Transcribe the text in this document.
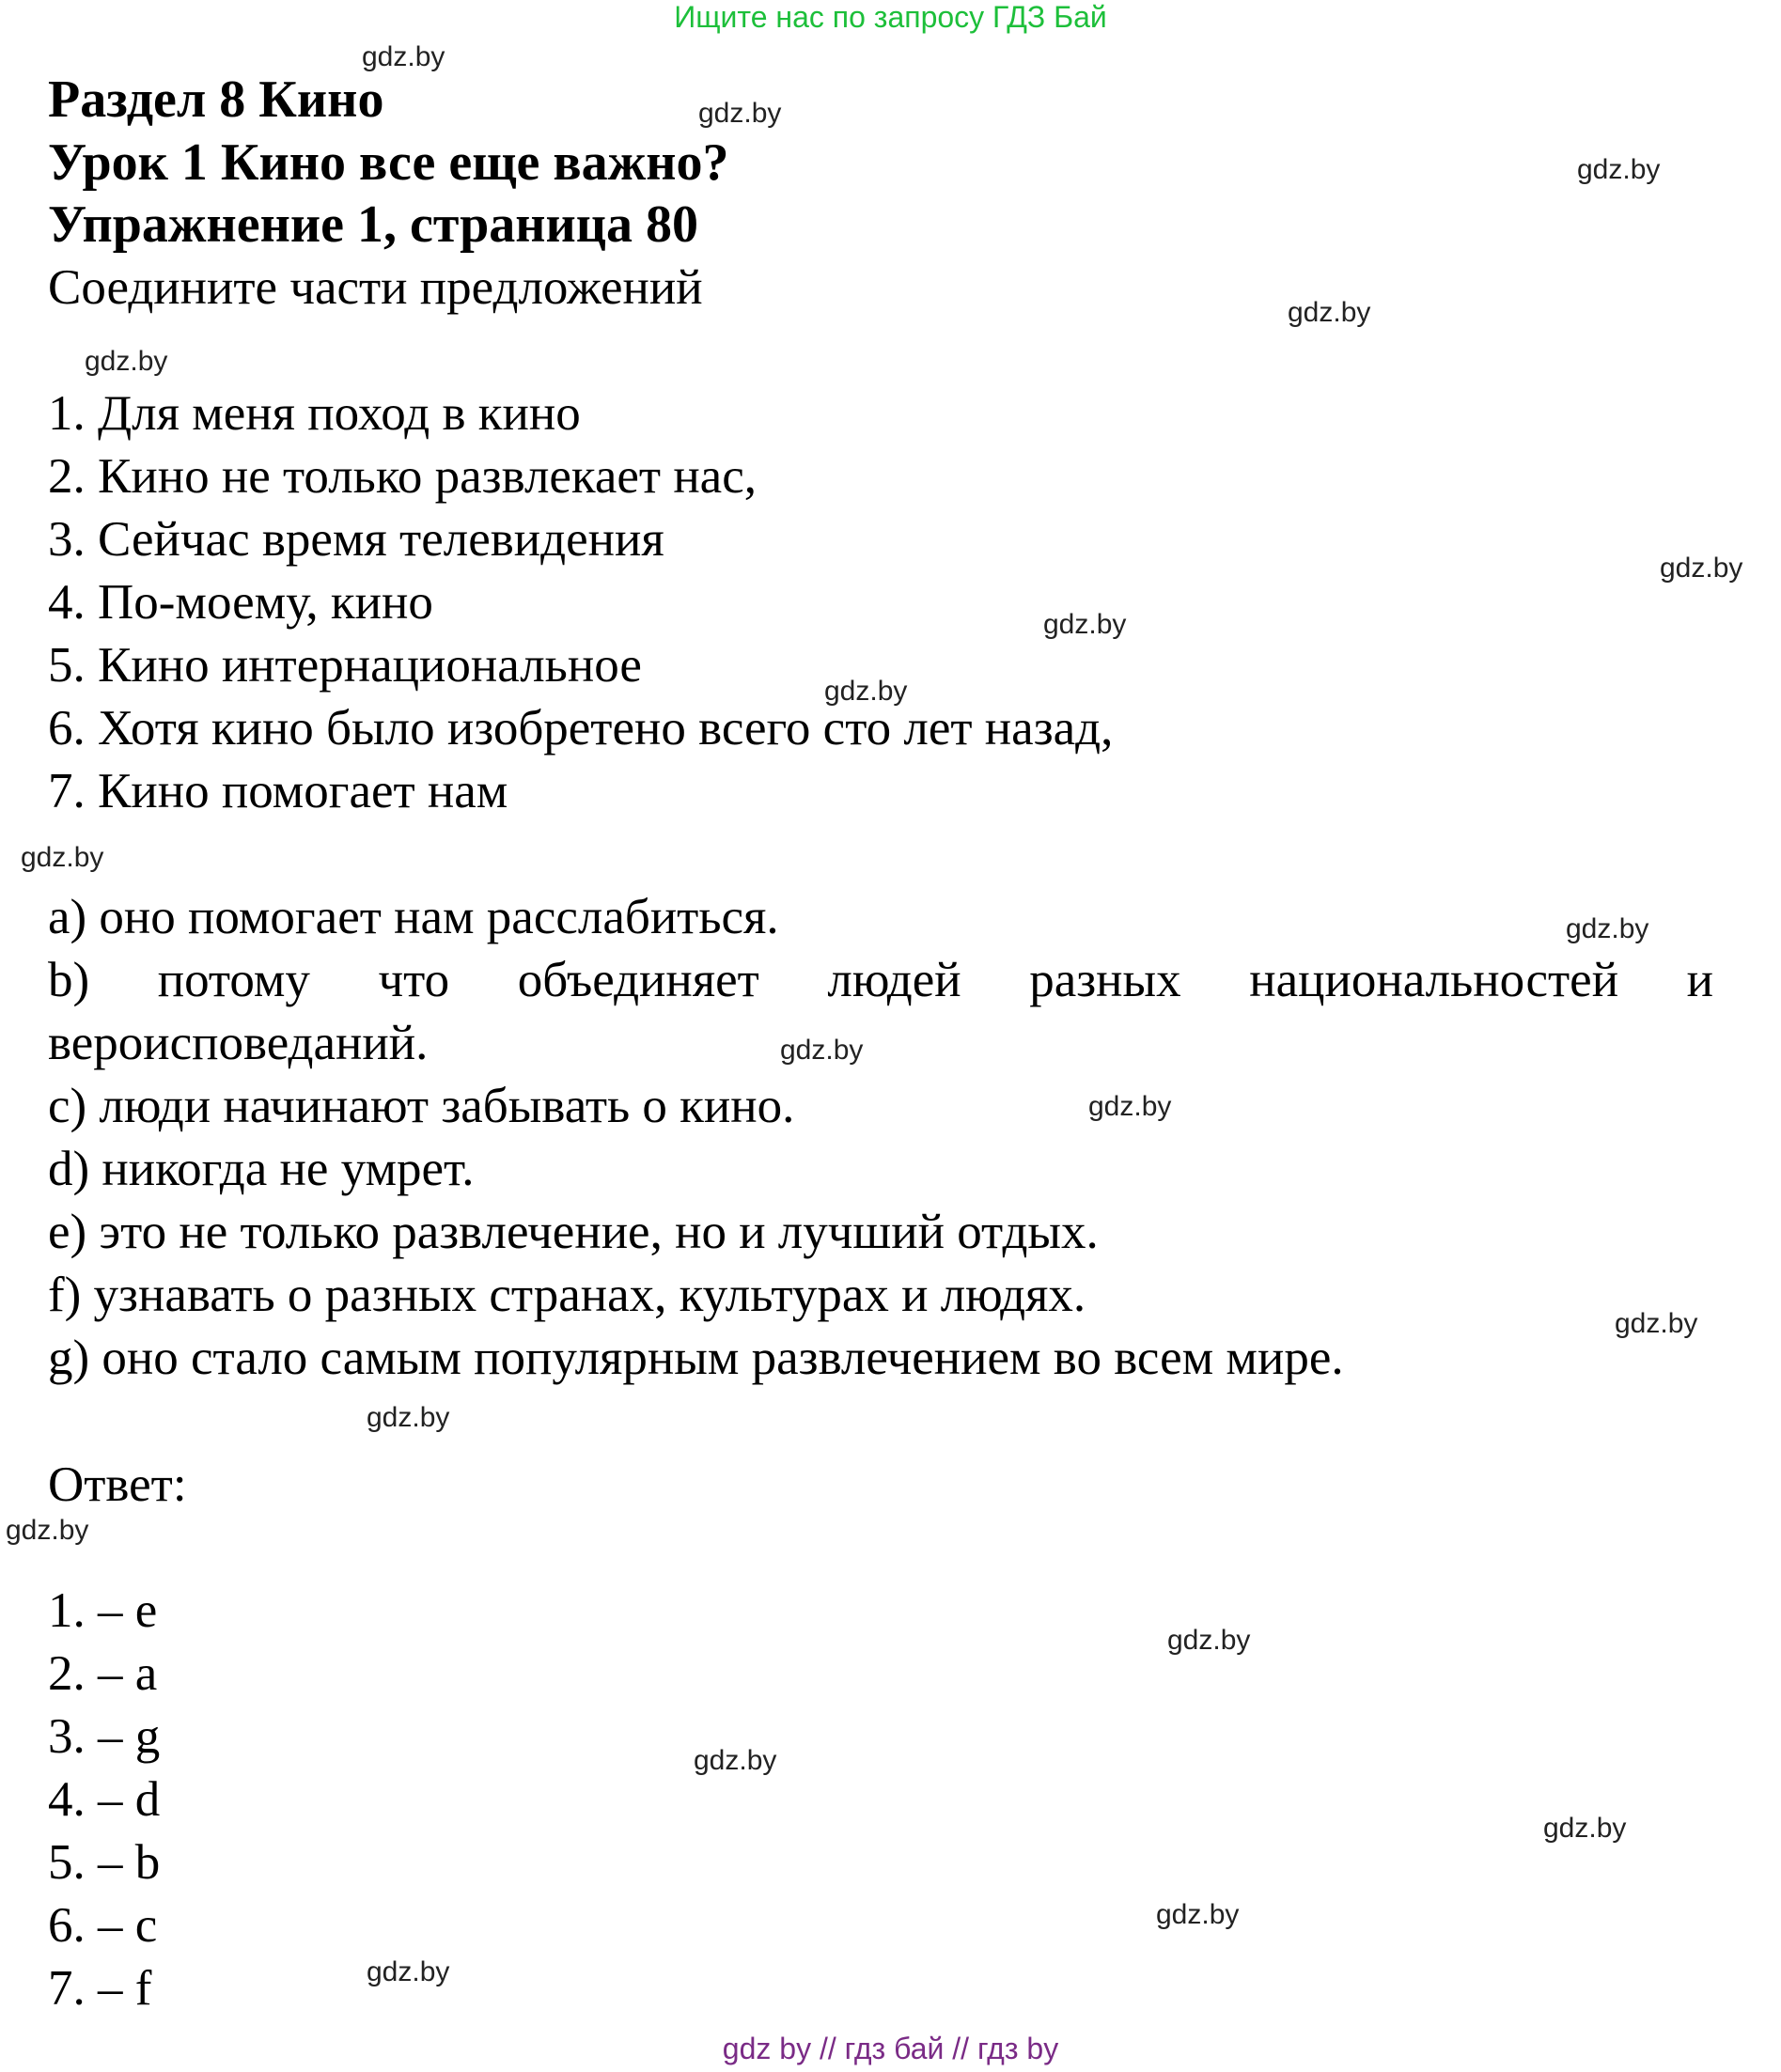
Ищите нас по запросу ГДЗ Бай
Раздел 8 Кино
Урок 1 Кино все еще важно?
Упражнение 1, страница 80
Соедините части предложений
1. Для меня поход в кино
2. Кино не только развлекает нас,
3. Сейчас время телевидения
4. По-моему, кино
5. Кино интернациональное
6. Хотя кино было изобретено всего сто лет назад,
7. Кино помогает нам
а) оно помогает нам расслабиться.
b) потому что объединяет людей разных национальностей и
вероисповеданий.
с) люди начинают забывать о кино.
d) никогда не умрет.
е) это не только развлечение, но и лучший отдых.
f) узнавать о разных странах, культурах и людях.
g) оно стало самым популярным развлечением во всем мире.
Ответ:
1. – е
2. – а
3. – g
4. – d
5. – b
6. – с
7. – f
gdz.by
gdz.by
gdz.by
gdz.by
gdz.by
gdz.by
gdz.by
gdz.by
gdz.by
gdz.by
gdz.by
gdz.by
gdz.by
gdz.by
gdz.by
gdz.by
gdz.by
gdz.by
gdz.by
gdz.by
gdz by // гдз бай // гдз by
